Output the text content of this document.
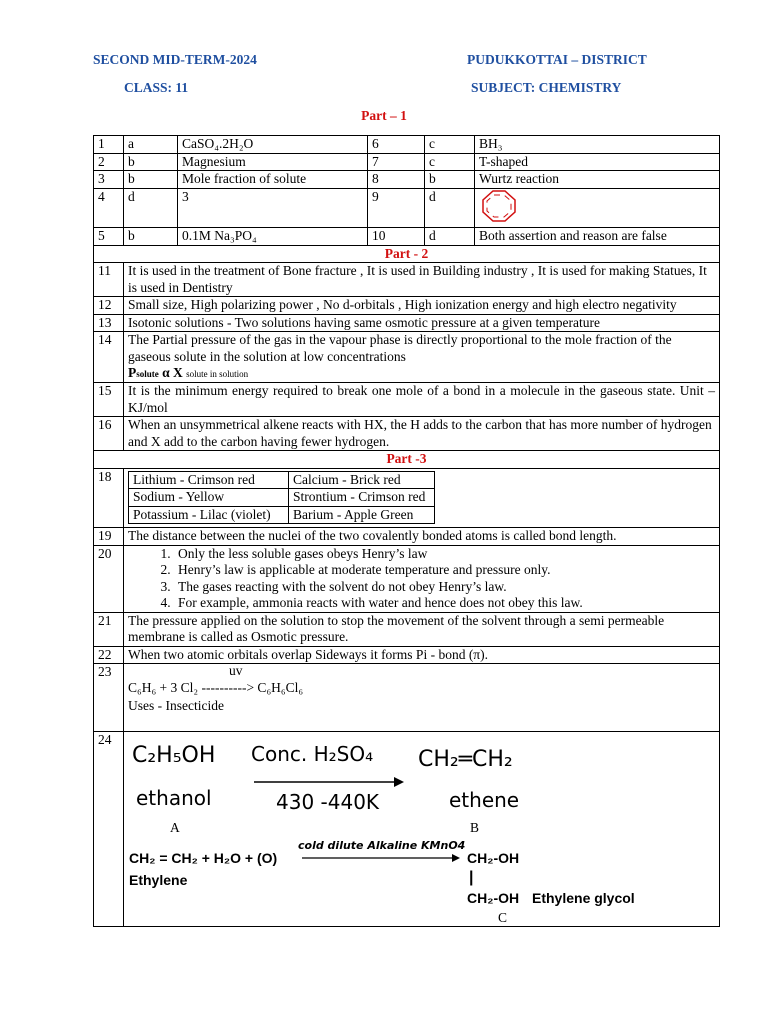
SECOND MID-TERM-2024	PUDUKKOTTAI – DISTRICT
CLASS: 11	SUBJECT: CHEMISTRY
Part – 1
1	a	CaSO₄.2H₂O	6	c	BH₃
2	b	Magnesium	7	c	T-shaped
3	b	Mole fraction of solute	8	b	Wurtz reaction
4	d	3	9	d	
5	b	0.1M Na₃PO₄	10	d	Both assertion and reason are false
Part - 2
11	It is used in the treatment of Bone fracture , It is used in Building industry , It is used for making Statues, It is used in Dentistry
12	Small size, High polarizing power , No d-orbitals , High ionization energy and high electro negativity
13	Isotonic solutions - Two solutions having same osmotic pressure at a given temperature
14	The Partial pressure of the gas in the vapour phase is directly proportional to the mole fraction of the gaseous solute in the solution at low concentrations
Psolute α X solute in solution

15	It is the minimum energy required to break one mole of a bond in a molecule in the gaseous state. Unit – KJ/mol
16	When an unsymmetrical alkene reacts with HX, the H adds to the carbon that has more number of hydrogen and X add to the carbon having fewer hydrogen.
Part -3
18	Lithium - Crimson red	Calcium - Brick red
Sodium - Yellow	Strontium - Crimson red
Potassium - Lilac (violet)	Barium - Apple Green

19	The distance between the nuclei of the two covalently bonded atoms is called bond length.
20	
1.Only the less soluble gases obeys Henry’s law
2. Henry’s law is applicable at moderate temperature and pressure only.
3. The gases reacting with the solvent do not obey Henry’s law.
4. For example, ammonia reacts with water and hence does not obey this law.

21	The pressure applied on the solution to stop the movement of the solvent through a semi permeable membrane is called as Osmotic pressure.
22	When two atomic orbitals overlap Sideways it forms Pi - bond (π).
23	uv
C₆H₆ + 3 Cl₂ ----------> C₆H₆Cl₆
Uses - Insecticide

24	
C₂H₅OH Conc. H₂SO₄ CH₂═CH₂
ethanol	430 -440K	ethene
A	B
cold dilute Alkaline KMnO4
CH₂ = CH₂ + H₂O + (O)	CH₂-OH
Ethylene	|
CH₂-OH Ethylene glycol
C
